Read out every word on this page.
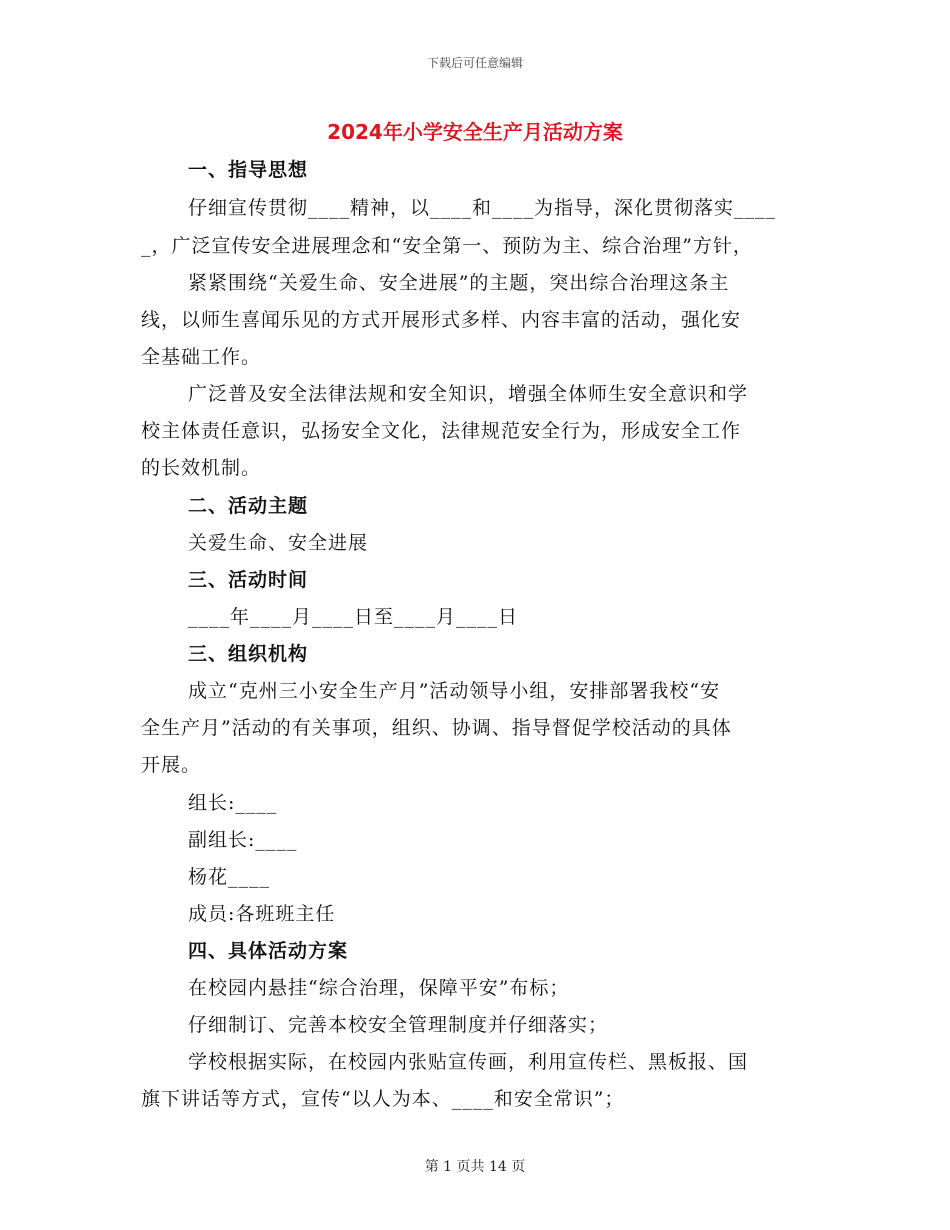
下载后可任意编辑
2024年小学安全生产月活动方案
一、指导思想
仔细宣传贯彻____精神，以____和____为指导，深化贯彻落实____
_，广泛宣传安全进展理念和“安全第一、预防为主、综合治理”方针，
紧紧围绕“关爱生命、安全进展”的主题，突出综合治理这条主
线，以师生喜闻乐见的方式开展形式多样、内容丰富的活动，强化安
全基础工作。
广泛普及安全法律法规和安全知识，增强全体师生安全意识和学
校主体责任意识，弘扬安全文化，法律规范安全行为，形成安全工作
的长效机制。
二、活动主题
关爱生命、安全进展
三、活动时间
____年____月____日至____月____日
三、组织机构
成立“克州三小安全生产月”活动领导小组，安排部署我校“安
全生产月”活动的有关事项，组织、协调、指导督促学校活动的具体
开展。
组长:____
副组长:____
杨花____
成员:各班班主任
四、具体活动方案
在校园内悬挂“综合治理，保障平安”布标；
仔细制订、完善本校安全管理制度并仔细落实；
学校根据实际，在校园内张贴宣传画，利用宣传栏、黑板报、国
旗下讲话等方式，宣传“以人为本、____和安全常识”；
第 1 页共 14 页
